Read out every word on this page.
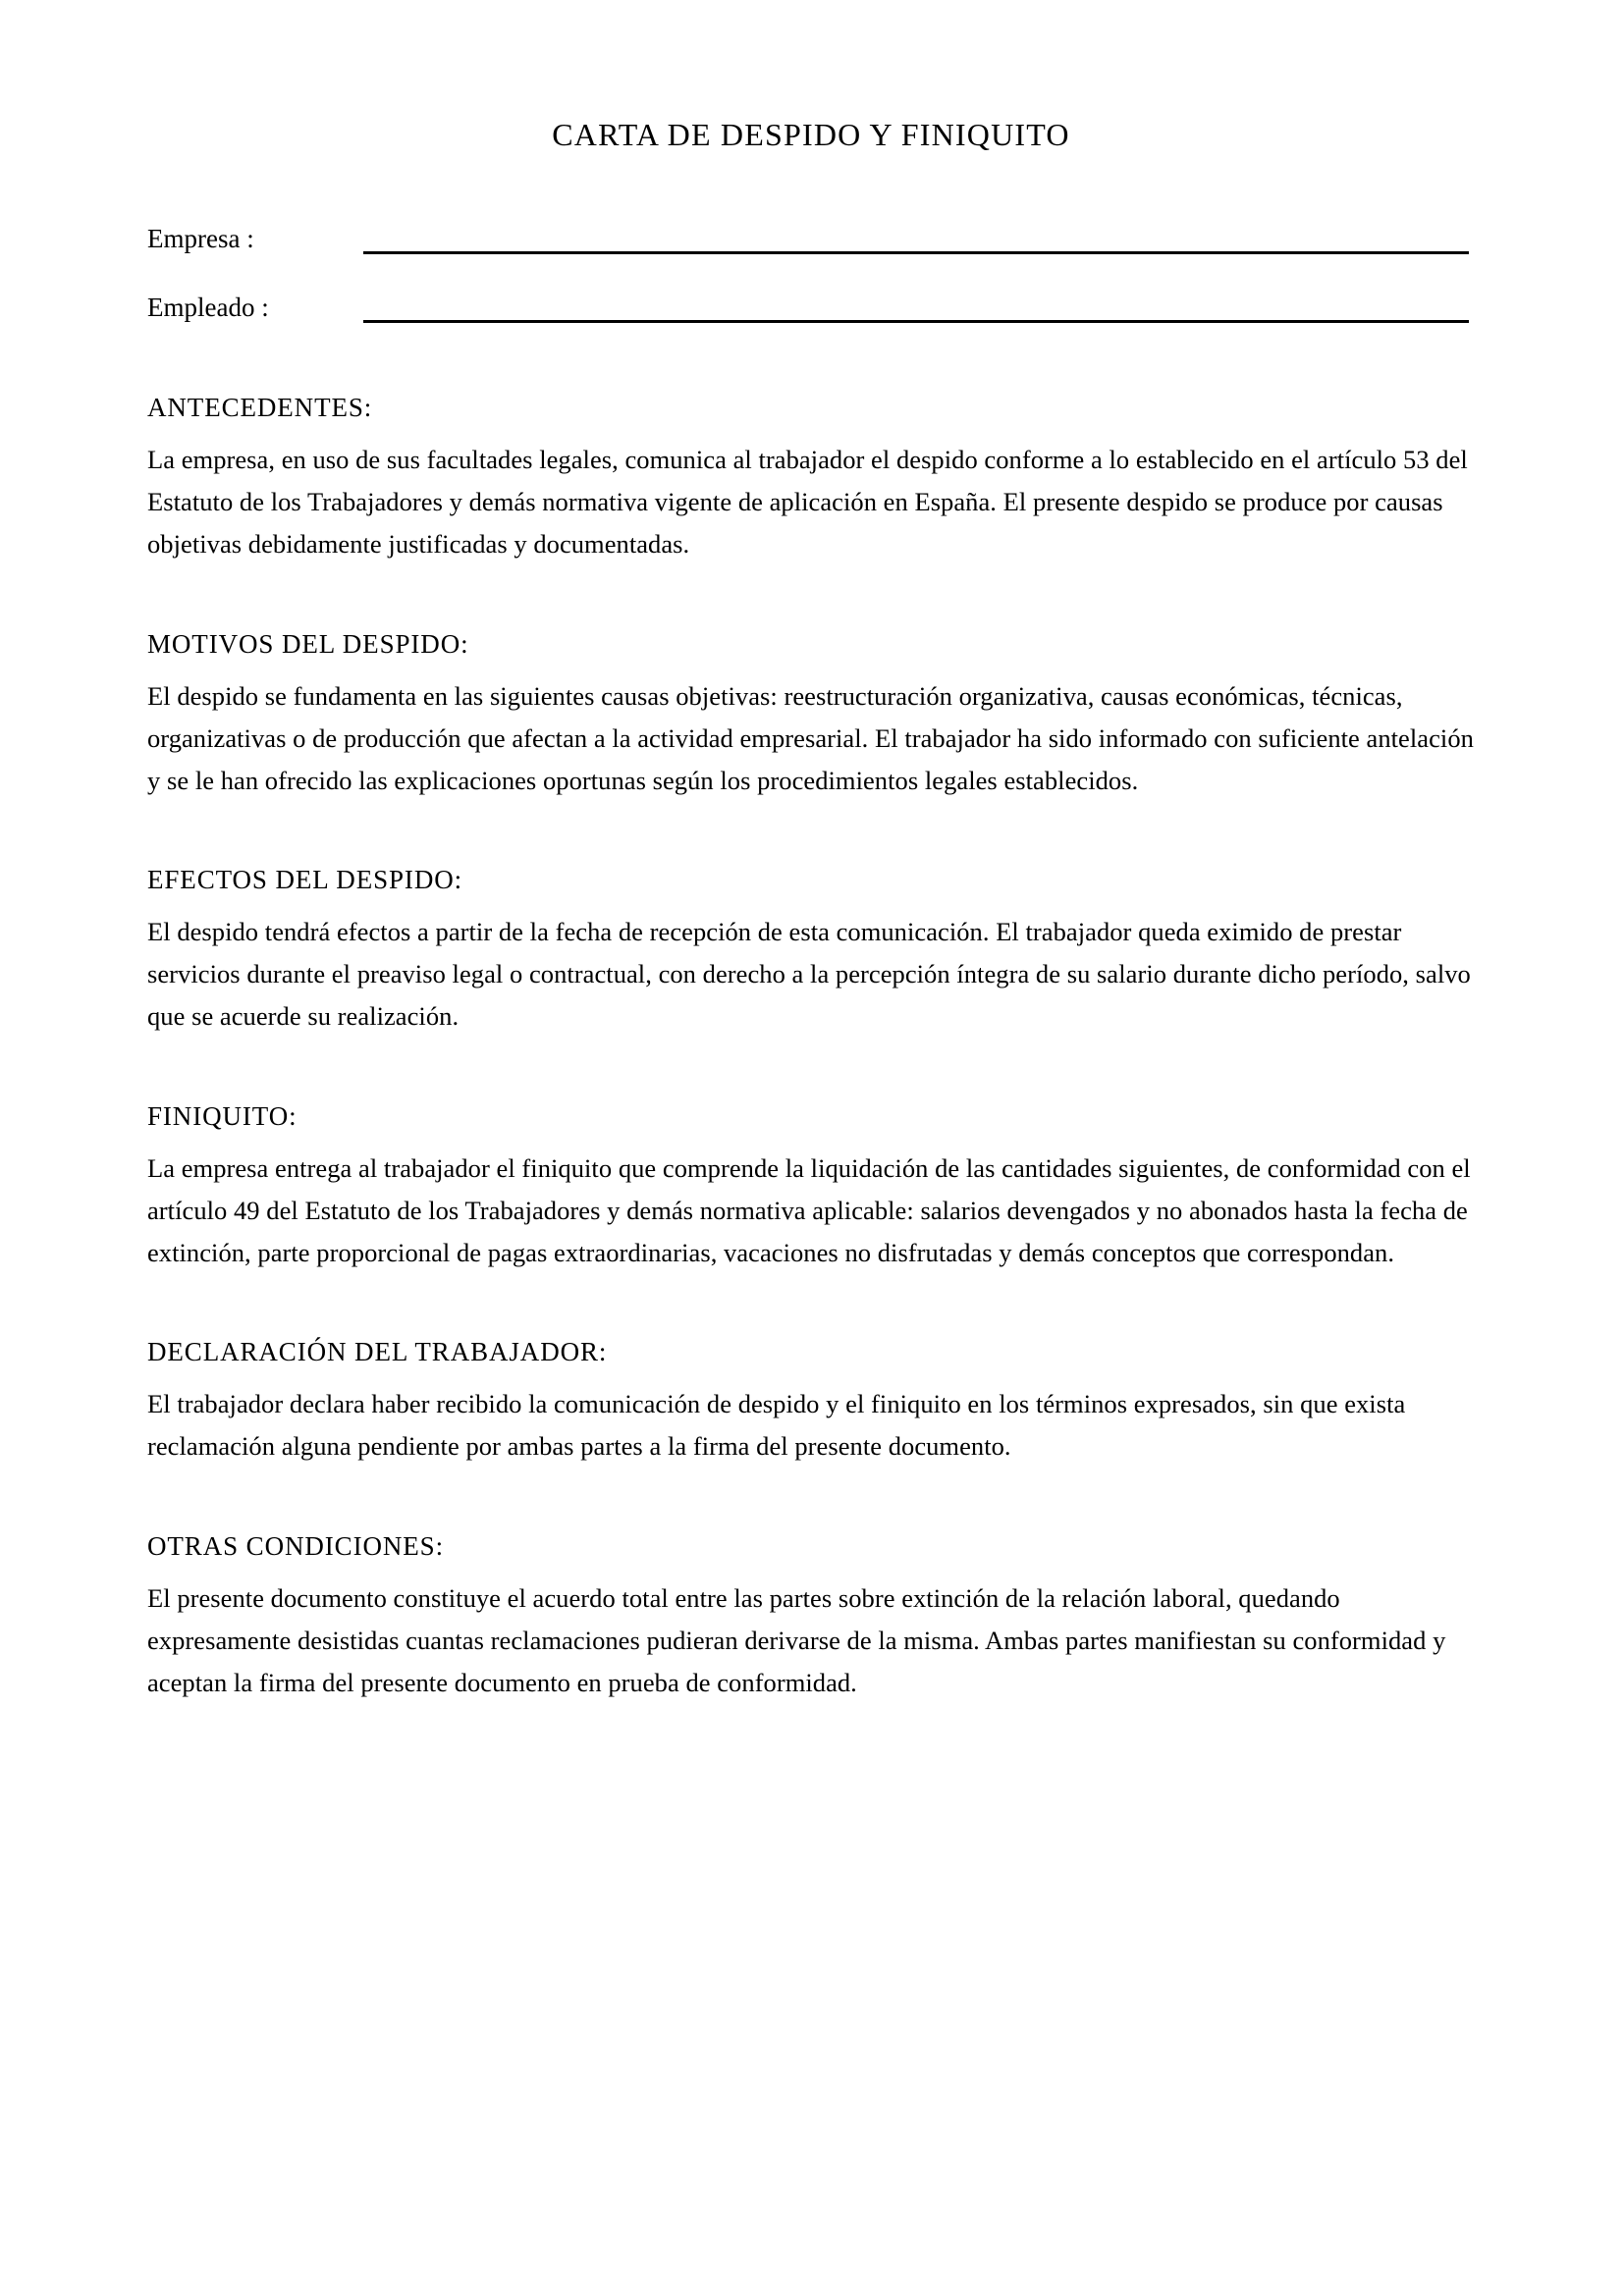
CARTA DE DESPIDO Y FINIQUITO
Empresa :
Empleado :
ANTECEDENTES:

La empresa, en uso de sus facultades legales, comunica al trabajador el despido conforme a lo establecido en el artículo 53 del Estatuto de los Trabajadores y demás normativa vigente de aplicación en España. El presente despido se produce por causas objetivas debidamente justificadas y documentadas.

MOTIVOS DEL DESPIDO:

El despido se fundamenta en las siguientes causas objetivas: reestructuración organizativa, causas económicas, técnicas, organizativas o de producción que afectan a la actividad empresarial. El trabajador ha sido informado con suficiente antelación y se le han ofrecido las explicaciones oportunas según los procedimientos legales establecidos.

EFECTOS DEL DESPIDO:

El despido tendrá efectos a partir de la fecha de recepción de esta comunicación. El trabajador queda eximido de prestar servicios durante el preaviso legal o contractual, con derecho a la percepción íntegra de su salario durante dicho período, salvo que se acuerde su realización.

FINIQUITO:

La empresa entrega al trabajador el finiquito que comprende la liquidación de las cantidades siguientes, de conformidad con el artículo 49 del Estatuto de los Trabajadores y demás normativa aplicable: salarios devengados y no abonados hasta la fecha de extinción, parte proporcional de pagas extraordinarias, vacaciones no disfrutadas y demás conceptos que correspondan.

DECLARACIÓN DEL TRABAJADOR:

El trabajador declara haber recibido la comunicación de despido y el finiquito en los términos expresados, sin que exista reclamación alguna pendiente por ambas partes a la firma del presente documento.

OTRAS CONDICIONES:

El presente documento constituye el acuerdo total entre las partes sobre extinción de la relación laboral, quedando expresamente desistidas cuantas reclamaciones pudieran derivarse de la misma. Ambas partes manifiestan su conformidad y aceptan la firma del presente documento en prueba de conformidad.
